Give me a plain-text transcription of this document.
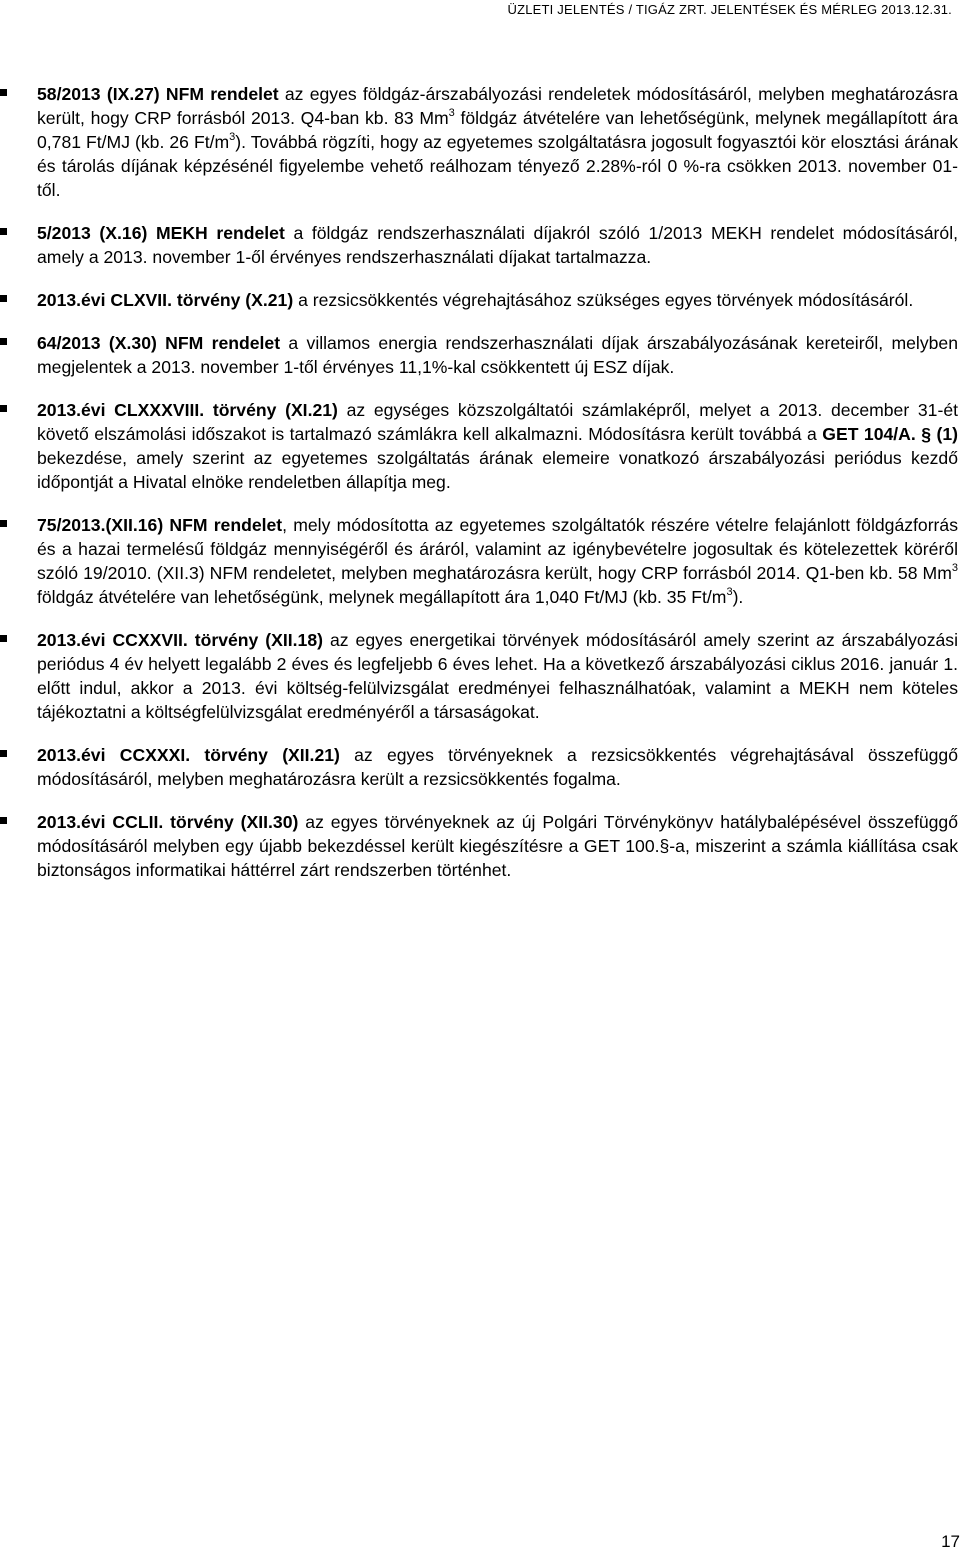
ÜZLETI JELENTÉS / TIGÁZ ZRT. JELENTÉSEK ÉS MÉRLEG 2013.12.31.

58/2013 (IX.27) NFM rendelet az egyes földgáz-árszabályozási rendeletek módosításáról, melyben meghatározásra került, hogy CRP forrásból 2013. Q4-ban kb. 83 Mm$^3$ földgáz átvételére van lehetőségünk, melynek megállapított ára 0,781 Ft/MJ (kb. 26 $Ft/m^3$). Továbbá rögzíti, hogy az egyetemes szolgáltatásra jogosult fogyasztói kör elosztási árának és tárolás díjának képzésénél figyelembe vehető reálhozam tényező 2.28%-ról 0 %-ra csökken 2013. november 01-től.

5/2013 (X.16) MEKH rendelet a földgáz rendszerhasználati díjakról szóló 1/2013 MEKH rendelet módosításáról, amely a 2013. november 1-ől érvényes rendszerhasználati díjakat tartalmazza.

2013.évi CLXVII. törvény (X.21) a rezsicsökkentés végrehajtásához szükséges egyes törvények módosításáról.

64/2013 (X.30) NFM rendelet a villamos energia rendszerhasználati díjak árszabályozásának kereteiről, melyben megjelentek a 2013. november 1-től érvényes 11,1%-kal csökkentett új ESZ díjak.

2013.évi CLXXXVIII. törvény (XI.21) az egységes közszolgáltatói számlaképről, melyet a 2013. december 31-ét követő elszámolási időszakot is tartalmazó számlákra kell alkalmazni. Módosításra került továbbá a GET 104/A. § (1) bekezdése, amely szerint az egyetemes szolgáltatás árának elemeire vonatkozó árszabályozási periódus kezdő időpontját a Hivatal elnöke rendeletben állapítja meg.

75/2013.(XII.16) NFM rendelet, mely módosította az egyetemes szolgáltatók részére vételre felajánlott földgázforrás és a hazai termelésű földgáz mennyiségéről és áráról, valamint az igénybevételre jogosultak és kötelezettek köréről szóló 19/2010. (XII.3) NFM rendeletet, melyben meghatározásra került, hogy CRP forrásból 2014. Q1-ben kb. 58 Mm$^3$ földgáz átvételére van lehetőségünk, melynek megállapított ára 1,040 Ft/MJ (kb. 35 $Ft/m^3$).

2013.évi CCXXVII. törvény (XII.18) az egyes energetikai törvények módosításáról amely szerint az árszabályozási periódus 4 év helyett legalább 2 éves és legfeljebb 6 éves lehet. Ha a következő árszabályozási ciklus 2016. január 1. előtt indul, akkor a 2013. évi költség-felülvizsgálat eredményei felhasználhatóak, valamint a MEKH nem köteles tájékoztatni a költségfelülvizsgálat eredményéről a társaságokat.

2013.évi CCXXXI. törvény (XII.21) az egyes törvényeknek a rezsicsökkentés végrehajtásával összefüggő módosításáról, melyben meghatározásra került a rezsicsökkentés fogalma.

2013.évi CCLII. törvény (XII.30) az egyes törvényeknek az új Polgári Törvénykönyv hatálybalépésével összefüggő módosításáról melyben egy újabb bekezdéssel került kiegészítésre a GET 100.§-a, miszerint a számla kiállítása csak biztonságos informatikai háttérrel zárt rendszerben történhet.

17
